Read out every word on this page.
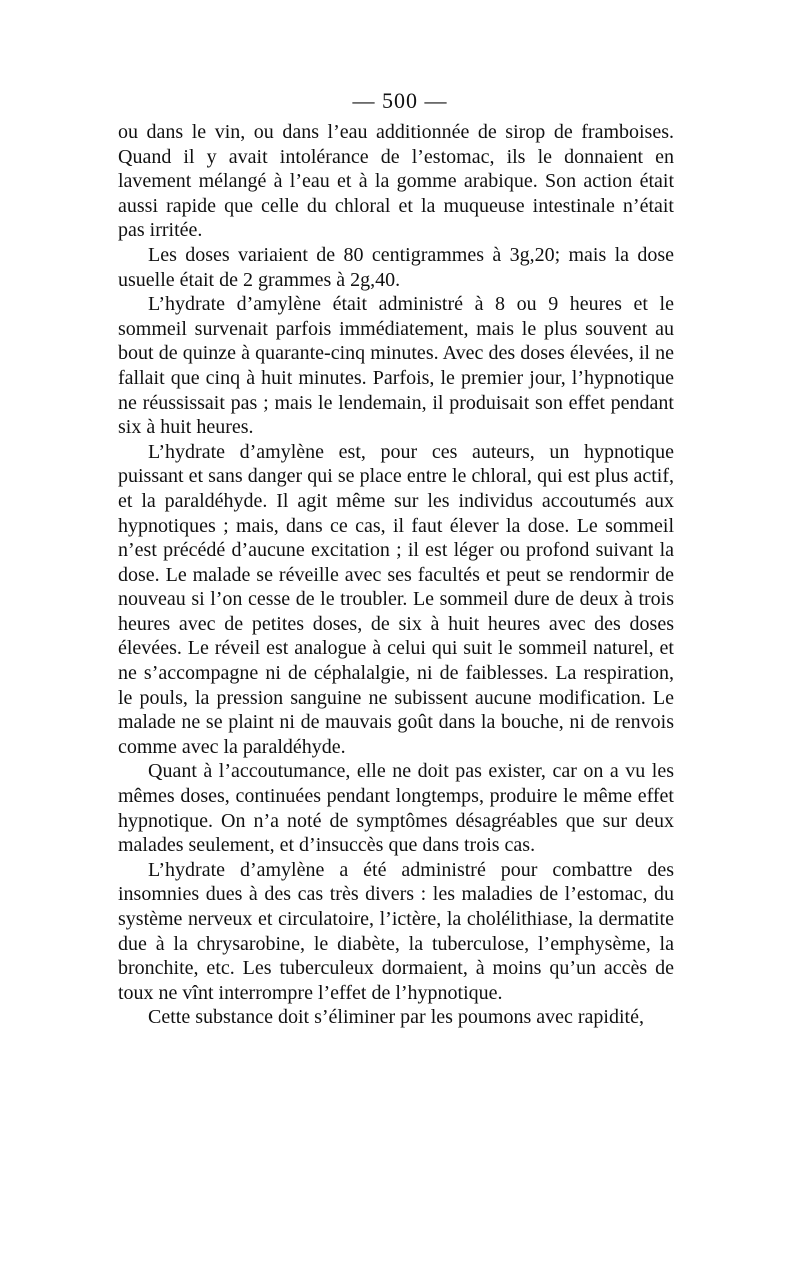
— 500 —

ou dans le vin, ou dans l’eau additionnée de sirop de framboises. Quand il y avait intolérance de l’estomac, ils le donnaient en lavement mélangé à l’eau et à la gomme arabique. Son action était aussi rapide que celle du chloral et la muqueuse intestinale n’était pas irritée.

Les doses variaient de 80 centigrammes à 3g,20; mais la dose usuelle était de 2 grammes à 2g,40.

L’hydrate d’amylène était administré à 8 ou 9 heures et le sommeil survenait parfois immédiatement, mais le plus souvent au bout de quinze à quarante-cinq minutes. Avec des doses élevées, il ne fallait que cinq à huit minutes. Parfois, le premier jour, l’hypnotique ne réussissait pas ; mais le lendemain, il produisait son effet pendant six à huit heures.

L’hydrate d’amylène est, pour ces auteurs, un hypnotique puissant et sans danger qui se place entre le chloral, qui est plus actif, et la paraldéhyde. Il agit même sur les individus accoutumés aux hypnotiques ; mais, dans ce cas, il faut élever la dose. Le sommeil n’est précédé d’aucune excitation ; il est léger ou profond suivant la dose. Le malade se réveille avec ses facultés et peut se rendormir de nouveau si l’on cesse de le troubler. Le sommeil dure de deux à trois heures avec de petites doses, de six à huit heures avec des doses élevées. Le réveil est analogue à celui qui suit le sommeil naturel, et ne s’accompagne ni de céphalalgie, ni de faiblesses. La respiration, le pouls, la pression sanguine ne subissent aucune modification. Le malade ne se plaint ni de mauvais goût dans la bouche, ni de renvois comme avec la paraldéhyde.

Quant à l’accoutumance, elle ne doit pas exister, car on a vu les mêmes doses, continuées pendant longtemps, produire le même effet hypnotique. On n’a noté de symptômes désagréables que sur deux malades seulement, et d’insuccès que dans trois cas.

L’hydrate d’amylène a été administré pour combattre des insomnies dues à des cas très divers : les maladies de l’estomac, du système nerveux et circulatoire, l’ictère, la cholélithiase, la dermatite due à la chrysarobine, le diabète, la tuberculose, l’emphysème, la bronchite, etc. Les tuberculeux dormaient, à moins qu’un accès de toux ne vînt interrompre l’effet de l’hypnotique.

Cette substance doit s’éliminer par les poumons avec rapidité,
